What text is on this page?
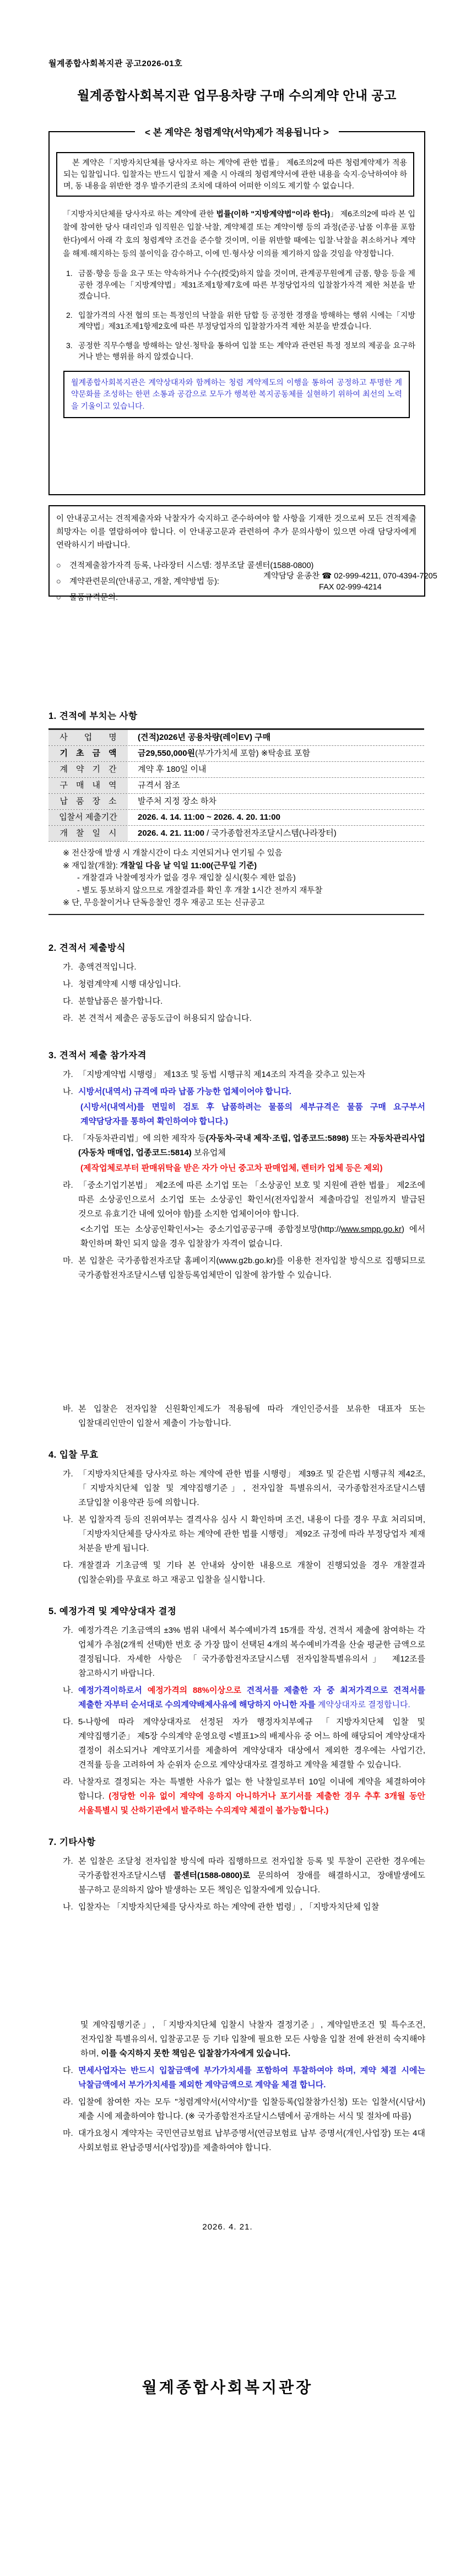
월계종합사회복지관 공고2026-01호

월계종합사회복지관 업무용차량 구매 수의계약 안내 공고

< 본 계약은 청렴계약(서약)제가 적용됩니다 >

본 계약은「지방자치단체를 당사자로 하는 계약에 관한 법률」 제6조의2에 따른 청렴계약제가 적용되는 입찰입니다. 입찰자는 반드시 입찰서 제출 시 아래의 청렴계약서에 관한 내용을 숙지·승낙하여야 하며, 동 내용을 위반한 경우 발주기관의 조치에 대하여 어떠한 이의도 제기할 수 없습니다.

「지방자치단체를 당사자로 하는 계약에 관한 법률(이하 "지방계약법"이라 한다)」 제6조의2에 따라 본 입찰에 참여한 당사 대리인과 임직원은 입찰·낙찰, 계약체결 또는 계약이행 등의 과정(준공·납품 이후를 포함한다)에서 아래 각 호의 청렴계약 조건을 준수할 것이며, 이를 위반할 때에는 입찰·낙찰을 취소하거나 계약을 해제·해지하는 등의 불이익을 감수하고, 이에 민·형사상 이의를 제기하지 않을 것임을 약정합니다.

1. 금품·향응 등을 요구 또는 약속하거나 수수(授受)하지 않을 것이며, 관계공무원에게 금품, 향응 등을 제공한 경우에는「지방계약법」제31조제1항제7호에 따른 부정당업자의 입찰참가자격 제한 처분을 받겠습니다.

2. 입찰가격의 사전 협의 또는 특정인의 낙찰을 위한 담합 등 공정한 경쟁을 방해하는 행위 시에는「지방계약법」제31조제1항제2호에 따른 부정당업자의 입찰참가자격 제한 처분을 받겠습니다.

3. 공정한 직무수행을 방해하는 알선·청탁을 통하여 입찰 또는 계약과 관련된 특정 정보의 제공을 요구하거나 받는 행위를 하지 않겠습니다.

월계종합사회복지관은 계약상대자와 함께하는 청렴 계약제도의 이행을 통하여 공정하고 투명한 계약문화를 조성하는 한편 소통과 공감으로 모두가 행복한 복지공동체를 실현하기 위하여 최선의 노력을 기울이고 있습니다.

이 안내공고서는 견적제출자와 낙찰자가 숙지하고 준수하여야 할 사항을 기재한 것으로써 모든 견적제출희망자는 이를 열람하여야 합니다. 이 안내공고문과 관련하여 추가 문의사항이 있으면 아래 담당자에게 연락하시기 바랍니다.

○ 견적제출참가자격 등록, 나라장터 시스템: 정부조달 콜센터(1588-0800)

○ 계약관련문의(안내공고, 개찰, 계약방법 등):

○ 물품규격문의:

계약담당 윤종찬 ☎ 02-999-4211, 070-4394-7205

FAX 02-999-4214

1. 견적에 부치는 사항

사　　업　　명	(견적)2026년 공용차량(레이EV) 구매
기　초　금　액	금29,550,000원(부가가치세 포함) ※탁송료 포함
계　약　기　간	계약 후 180일 이내
구　매　내　역	규격서 참조
납　품　장　소	발주처 지정 장소 하차
입찰서 제출기간	2026. 4. 14. 11:00 ~ 2026. 4. 20. 11:00
개　찰　일　시	2026. 4. 21. 11:00 / 국가종합전자조달시스템(나라장터)

※ 전산장애 발생 시 개찰시간이 다소 지연되거나 연기될 수 있음

※ 재입찰(개찰): 개찰일 다음 날 익일 11:00(근무일 기준)

- 개찰결과 낙찰예정자가 없을 경우 재입찰 실시(횟수 제한 없음)

- 별도 통보하지 않으므로 개찰결과를 확인 후 개찰 1시간 전까지 재투찰

※ 단, 무응찰이거나 단독응찰인 경우 재공고 또는 신규공고

2. 견적서 제출방식

가. 총액견적입니다.

나. 청렴계약제 시행 대상입니다.

다. 분할납품은 불가합니다.

라. 본 견적서 제출은 공동도급이 허용되지 않습니다.

3. 견적서 제출 참가자격

가. 「지방계약법 시행령」 제13조 및 동법 시행규칙 제14조의 자격을 갖추고 있는자

나. 시방서(내역서) 규격에 따라 납품 가능한 업체이어야 합니다.

(시방서(내역서)를 면밀히 검토 후 납품하려는 물품의 세부규격은 물품 구매 요구부서 계약담당자를 통하여 확인하여야 합니다.)

다. 「자동차관리법」에 의한 제작자 등(자동차-국내 제작·조립, 업종코드:5898) 또는 자동차관리사업(자동차 매매업, 업종코드:5814) 보유업체

(제작업체로부터 판매위탁을 받은 자가 아닌 중고차 판매업체, 렌터카 업체 등은 제외)

라. 「중소기업기본법」 제2조에 따른 소기업 또는 「소상공인 보호 및 지원에 관한 법률」 제2조에 따른 소상공인으로서 소기업 또는 소상공인 확인서(전자입찰서 제출마감일 전일까지 발급된 것으로 유효기간 내에 있어야 함)를 소지한 업체이어야 합니다.

<소기업 또는 소상공인확인서>는 중소기업공공구매 종합정보망(http://www.smpp.go.kr) 에서 확인하며 확인 되지 않을 경우 입찰참가 자격이 없습니다.

마. 본 입찰은 국가종합전자조달 홈페이지(www.g2b.go.kr)를 이용한 전자입찰 방식으로 집행되므로 국가종합전자조달시스템 입찰등록업체만이 입찰에 참가할 수 있습니다.

바. 본 입찰은 전자입찰 신원확인제도가 적용됨에 따라 개인인증서를 보유한 대표자 또는 입찰대리인만이 입찰서 제출이 가능합니다.

4. 입찰 무효

가. 「지방자치단체를 당사자로 하는 계약에 관한 법률 시행령」 제39조 및 같은법 시행규칙 제42조, 「지방자치단체 입찰 및 계약집행기준」, 전자입찰 특별유의서, 국가종합전자조달시스템 조달입찰 이용약관 등에 의합니다.

나. 본 입찰자격 등의 진위여부는 결격사유 심사 시 확인하며 조건, 내용이 다를 경우 무효 처리되며, 「지방자치단체를 당사자로 하는 계약에 관한 법률 시행령」 제92조 규정에 따라 부정당업자 제재 처분을 받게 됩니다.

다. 개찰결과 기초금액 및 기타 본 안내와 상이한 내용으로 개찰이 진행되었을 경우 개찰결과(입찰순위)를 무효로 하고 재공고 입찰을 실시합니다.

5. 예정가격 및 계약상대자 결정

가. 예정가격은 기초금액의 ±3% 범위 내에서 복수예비가격 15개를 작성, 견적서 제출에 참여하는 각 업체가 추첨(2개씩 선택)한 번호 중 가장 많이 선택된 4개의 복수예비가격을 산술 평균한 금액으로 결정됩니다. 자세한 사항은 「국가종합전자조달시스템 전자입찰특별유의서」 제12조를 참고하시기 바랍니다.

나. 예정가격이하로서 예정가격의 88%이상으로 견적서를 제출한 자 중 최저가격으로 견적서를 제출한 자부터 순서대로 수의계약배제사유에 해당하지 아니한 자를 계약상대자로 결정합니다.

다. 5-나항에 따라 계약상대자로 선정된 자가 행정자치부예규 「지방자치단체 입찰 및 계약집행기준」 제5장 수의계약 운영요령 <별표1>의 배제사유 중 어느 하에 해당되어 계약상대자 결정이 취소되거나 계약포기서를 제출하여 계약상대자 대상에서 제외한 경우에는 사업기간, 견적률 등을 고려하여 차 순위자 순으로 계약상대자로 결정하고 계약을 체결할 수 있습니다.

라. 낙찰자로 결정되는 자는 특별한 사유가 없는 한 낙찰일로부터 10일 이내에 계약을 체결하여야 합니다. (정당한 이유 없이 계약에 응하지 아니하거나 포기서를 제출한 경우 추후 3개월 동안 서울특별시 및 산하기관에서 발주하는 수의계약 체결이 불가능합니다.)

7. 기타사항

가. 본 입찰은 조달청 전자입찰 방식에 따라 집행하므로 전자입찰 등록 및 투찰이 곤란한 경우에는 국가종합전자조달시스템 콜센터(1588-0800)로 문의하여 장애를 해결하시고, 장애발생에도 불구하고 문의하지 않아 발생하는 모든 책임은 입찰자에게 있습니다.

나. 입찰자는 「지방자치단체를 당사자로 하는 계약에 관한 법령」, 「지방자치단체 입찰

및 계약집행기준」, 「지방자치단체 입찰시 낙찰자 결정기준」, 계약일반조건 및 특수조건, 전자입찰 특별유의서, 입찰공고문 등 기타 입찰에 필요한 모든 사항을 입찰 전에 완전히 숙지해야 하며, 이를 숙지하지 못한 책임은 입찰참가자에게 있습니다.

다. 면세사업자는 반드시 입찰금액에 부가가치세를 포함하여 투찰하여야 하며, 계약 체결 시에는 낙찰금액에서 부가가치세를 제외한 계약금액으로 계약을 체결 합니다.

라. 입찰에 참여한 자는 모두 "청렴계약서(서약서)"를 입찰등록(입찰참가신청) 또는 입찰서(시담서) 제출 시에 제출하여야 합니다. (※ 국가종합전자조달시스템에서 공개하는 서식 및 절차에 따름)

마. 대가요청시 계약자는 국민연금보험료 납부증명서(연금보험료 납부 증명서(개인,사업장) 또는 4대 사회보험료 완납증명서(사업장))를 제출하여야 합니다.

2026. 4. 21.

월계종합사회복지관장
